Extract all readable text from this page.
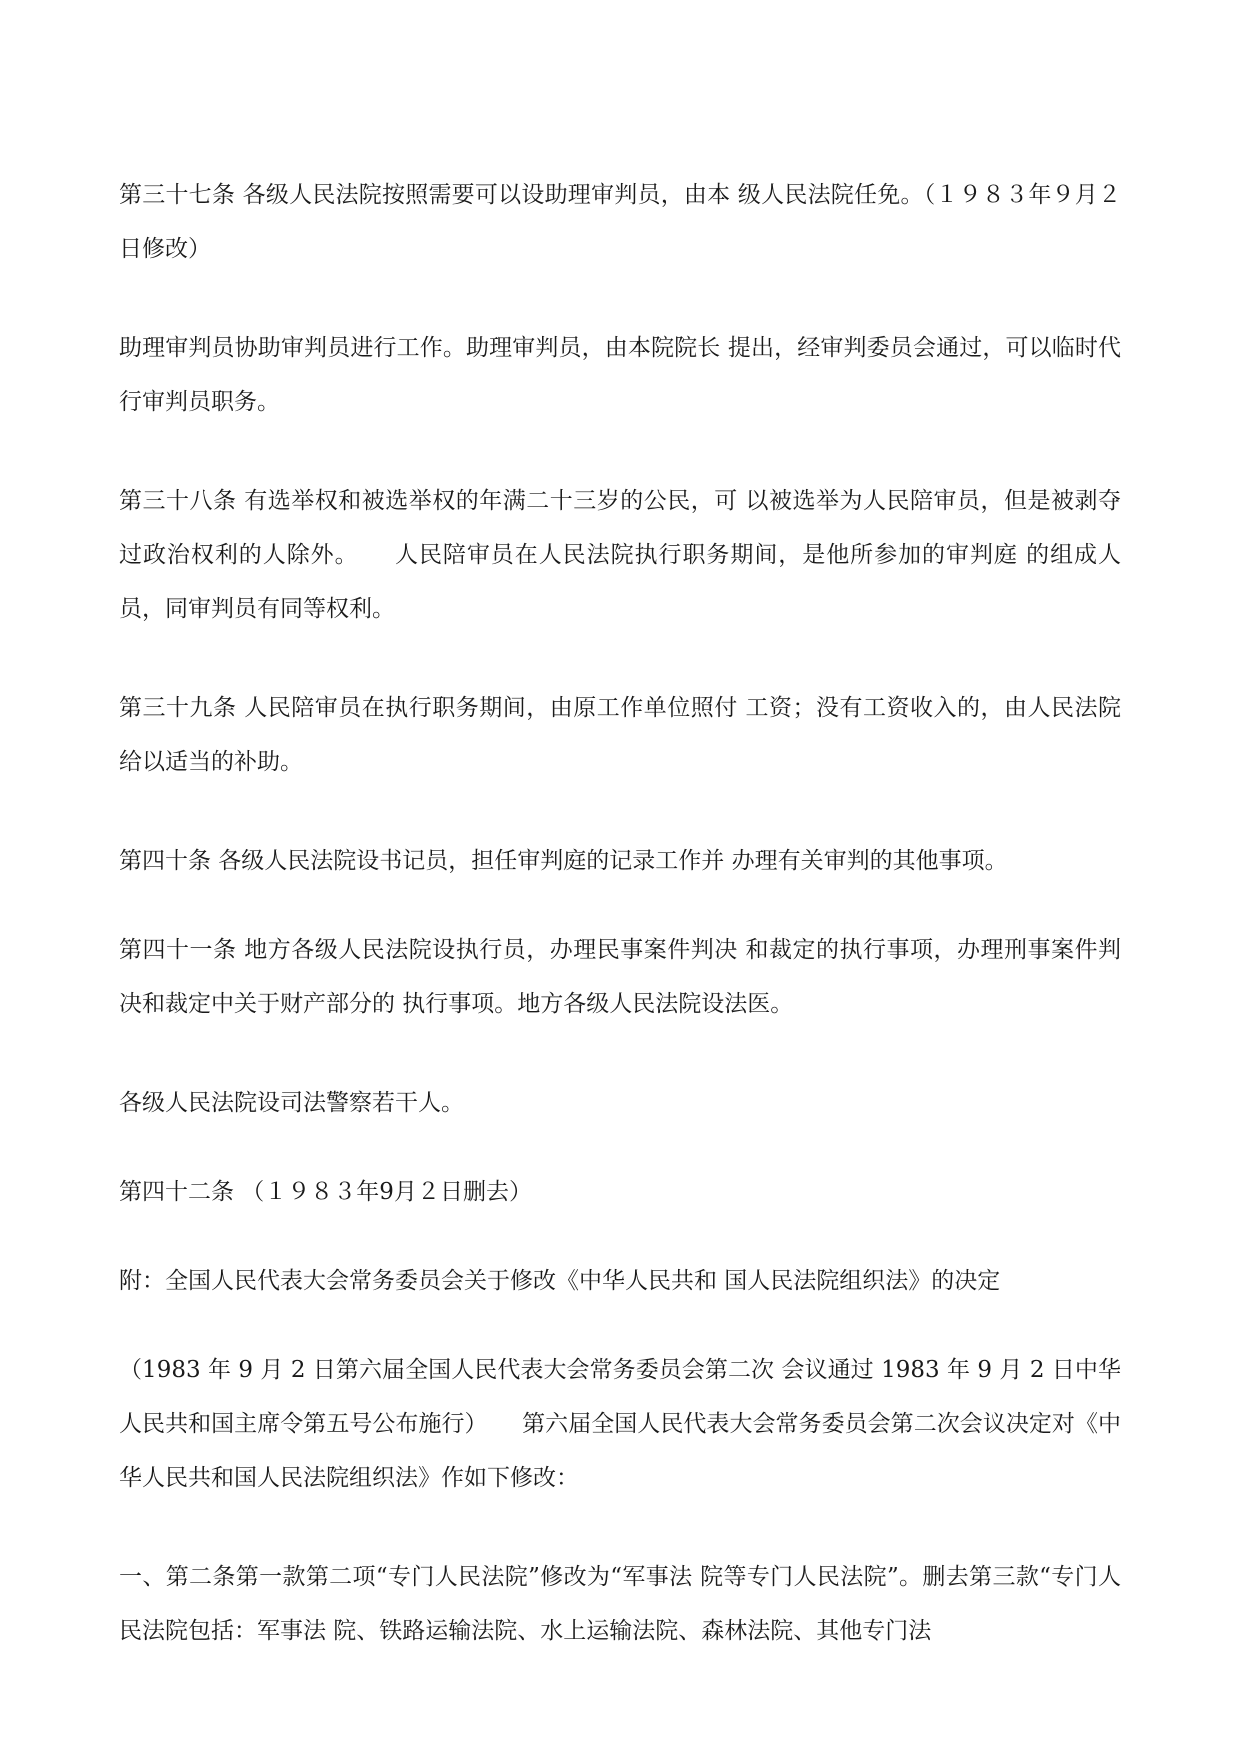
第三十七条 各级人民法院按照需要可以设助理审判员，由本 级人民法院任免。（１９８３年９月２日修改）

助理审判员协助审判员进行工作。助理审判员，由本院院长 提出，经审判委员会通过，可以临时代行审判员职务。

第三十八条 有选举权和被选举权的年满二十三岁的公民，可 以被选举为人民陪审员，但是被剥夺过政治权利的人除外。　　人民陪审员在人民法院执行职务期间，是他所参加的审判庭 的组成人员，同审判员有同等权利。

第三十九条 人民陪审员在执行职务期间，由原工作单位照付 工资；没有工资收入的，由人民法院给以适当的补助。

第四十条 各级人民法院设书记员，担任审判庭的记录工作并 办理有关审判的其他事项。

第四十一条 地方各级人民法院设执行员，办理民事案件判决 和裁定的执行事项，办理刑事案件判决和裁定中关于财产部分的 执行事项。地方各级人民法院设法医。

各级人民法院设司法警察若干人。

第四十二条 （１９８３年9月２日删去）

附：全国人民代表大会常务委员会关于修改《中华人民共和 国人民法院组织法》的决定

（1983 年 9 月 2 日第六届全国人民代表大会常务委员会第二次 会议通过 1983 年 9 月 2 日中华人民共和国主席令第五号公布施行）　　第六届全国人民代表大会常务委员会第二次会议决定对《中 华人民共和国人民法院组织法》作如下修改：

一、第二条第一款第二项“专门人民法院”修改为“军事法 院等专门人民法院”。删去第三款“专门人民法院包括：军事法 院、铁路运输法院、水上运输法院、森林法院、其他专门法
